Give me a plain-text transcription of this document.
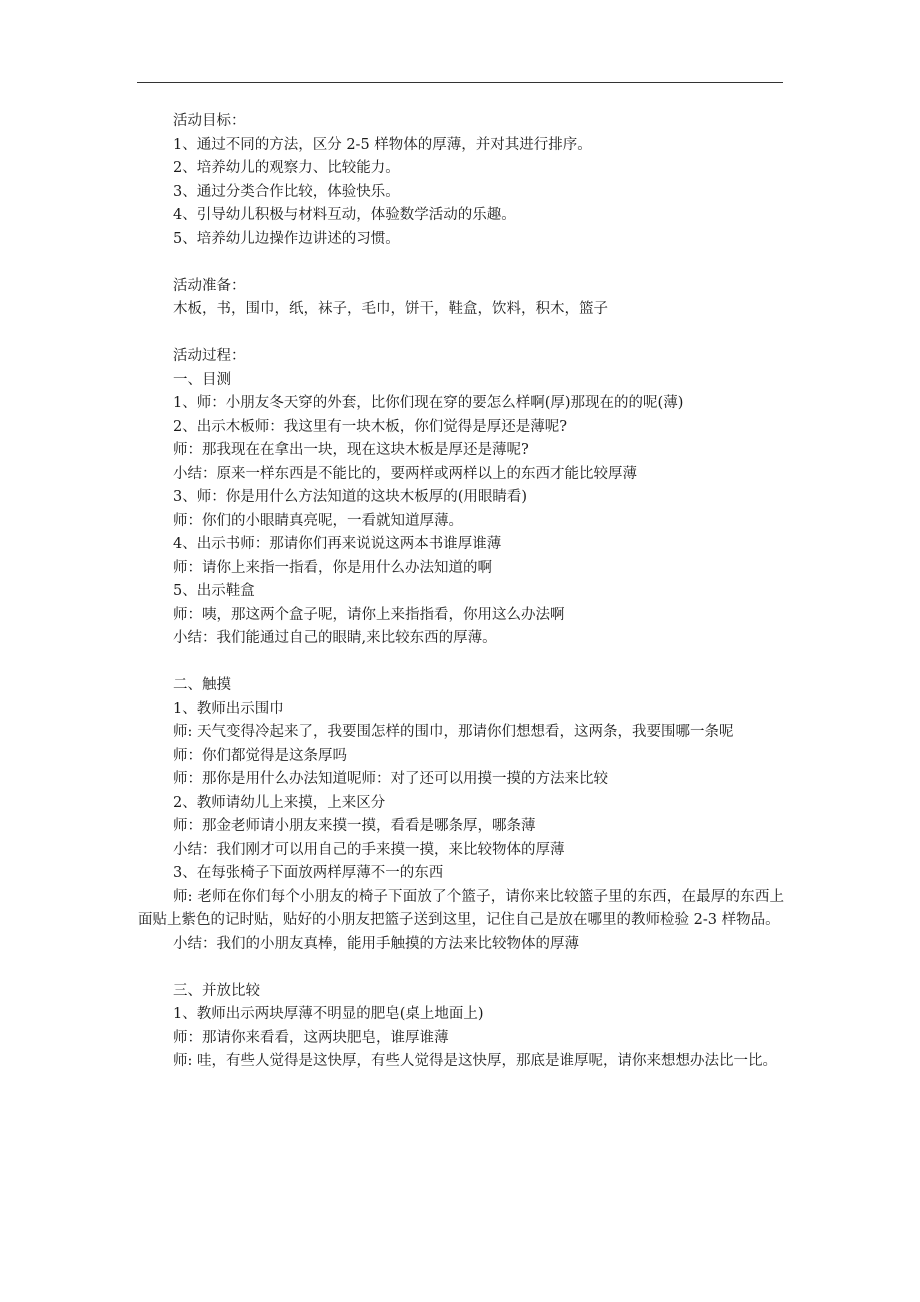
活动目标：

1、通过不同的方法，区分 2-5 样物体的厚薄，并对其进行排序。

2、培养幼儿的观察力、比较能力。

3、通过分类合作比较，体验快乐。

4、引导幼儿积极与材料互动，体验数学活动的乐趣。

5、培养幼儿边操作边讲述的习惯。

活动准备：

木板，书，围巾，纸，袜子，毛巾，饼干，鞋盒，饮料，积木，篮子

活动过程：

一、目测

1、师：小朋友冬天穿的外套，比你们现在穿的要怎么样啊(厚)那现在的的呢(薄)

2、出示木板师：我这里有一块木板，你们觉得是厚还是薄呢?

师：那我现在在拿出一块，现在这块木板是厚还是薄呢?

小结：原来一样东西是不能比的，要两样或两样以上的东西才能比较厚薄

3、师：你是用什么方法知道的这块木板厚的(用眼睛看)

师：你们的小眼睛真亮呢，一看就知道厚薄。

4、出示书师：那请你们再来说说这两本书谁厚谁薄

师：请你上来指一指看，你是用什么办法知道的啊

5、出示鞋盒

师：咦，那这两个盒子呢，请你上来指指看，你用这么办法啊

小结：我们能通过自己的眼睛,来比较东西的厚薄。

二、触摸

1、教师出示围巾

师: 天气变得冷起来了，我要围怎样的围巾，那请你们想想看，这两条，我要围哪一条呢

师：你们都觉得是这条厚吗

师：那你是用什么办法知道呢师：对了还可以用摸一摸的方法来比较

2、教师请幼儿上来摸，上来区分

师：那金老师请小朋友来摸一摸，看看是哪条厚，哪条薄

小结：我们刚才可以用自己的手来摸一摸，来比较物体的厚薄

3、在每张椅子下面放两样厚薄不一的东西

师: 老师在你们每个小朋友的椅子下面放了个篮子，请你来比较篮子里的东西，在最厚的东西上面贴上紫色的记时贴，贴好的小朋友把篮子送到这里，记住自己是放在哪里的教师检验 2-3 样物品。

小结：我们的小朋友真棒，能用手触摸的方法来比较物体的厚薄

三、并放比较

1、教师出示两块厚薄不明显的肥皂(桌上地面上)

师：那请你来看看，这两块肥皂，谁厚谁薄

师: 哇，有些人觉得是这快厚，有些人觉得是这快厚，那底是谁厚呢，请你来想想办法比一比。
